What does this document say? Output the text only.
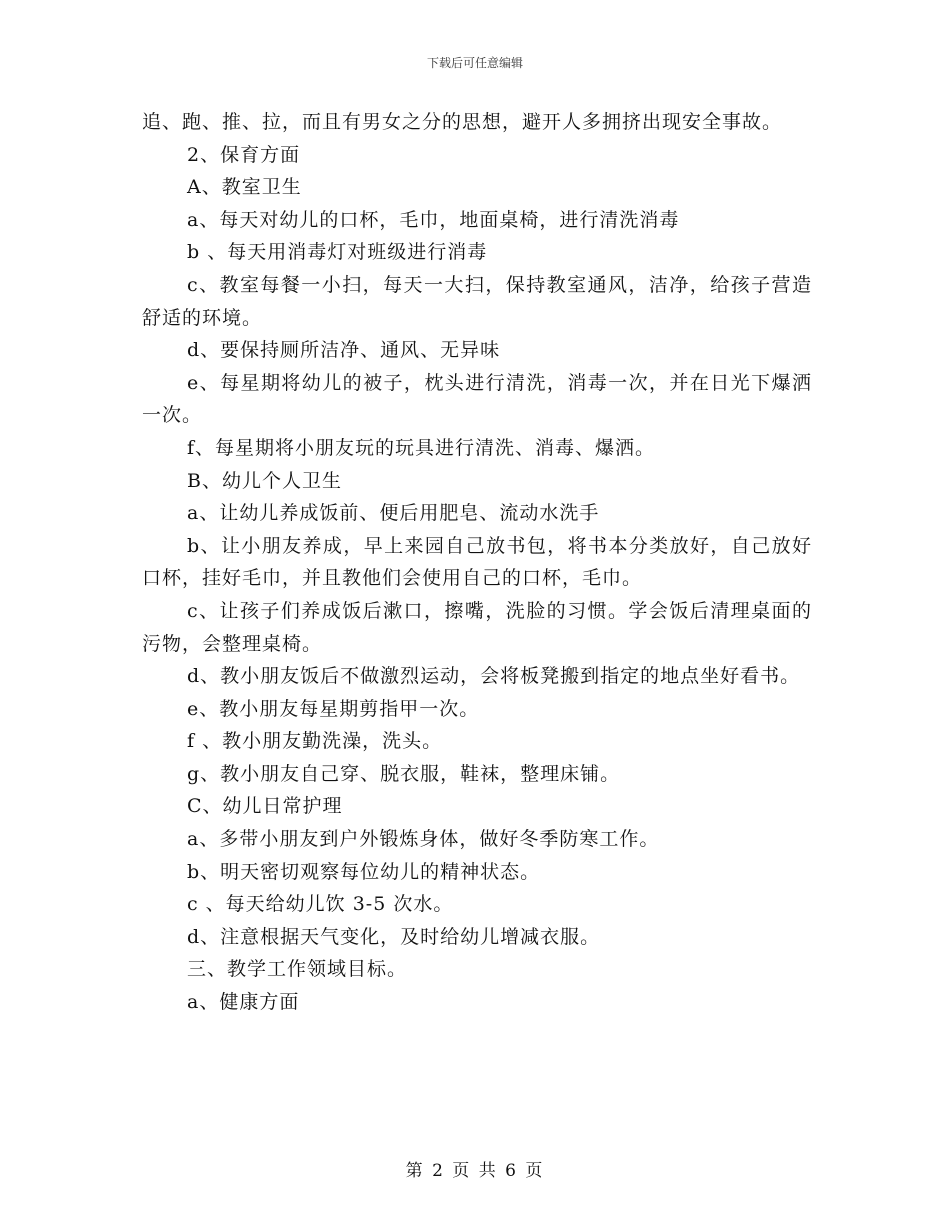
下载后可任意编辑

追、跑、推、拉，而且有男女之分的思想，避开人多拥挤出现安全事故。

2、保育方面

A、教室卫生

a、每天对幼儿的口杯，毛巾，地面桌椅，进行清洗消毒

b 、每天用消毒灯对班级进行消毒

c、教室每餐一小扫，每天一大扫，保持教室通风，洁净，给孩子营造舒适的环境。

d、要保持厕所洁净、通风、无异味

e、每星期将幼儿的被子，枕头进行清洗，消毒一次，并在日光下爆洒一次。

f、每星期将小朋友玩的玩具进行清洗、消毒、爆洒。

B、幼儿个人卫生

a、让幼儿养成饭前、便后用肥皂、流动水洗手

b、让小朋友养成，早上来园自己放书包，将书本分类放好，自己放好口杯，挂好毛巾，并且教他们会使用自己的口杯，毛巾。

c、让孩子们养成饭后漱口，擦嘴，洗脸的习惯。学会饭后清理桌面的污物，会整理桌椅。

d、教小朋友饭后不做激烈运动，会将板凳搬到指定的地点坐好看书。

e、教小朋友每星期剪指甲一次。

f 、教小朋友勤洗澡，洗头。

g、教小朋友自己穿、脱衣服，鞋袜，整理床铺。

C、幼儿日常护理

a、多带小朋友到户外锻炼身体，做好冬季防寒工作。

b、明天密切观察每位幼儿的精神状态。

c 、每天给幼儿饮 3-5 次水。

d、注意根据天气变化，及时给幼儿增减衣服。

三、教学工作领域目标。

a、健康方面

第 2 页 共 6 页
